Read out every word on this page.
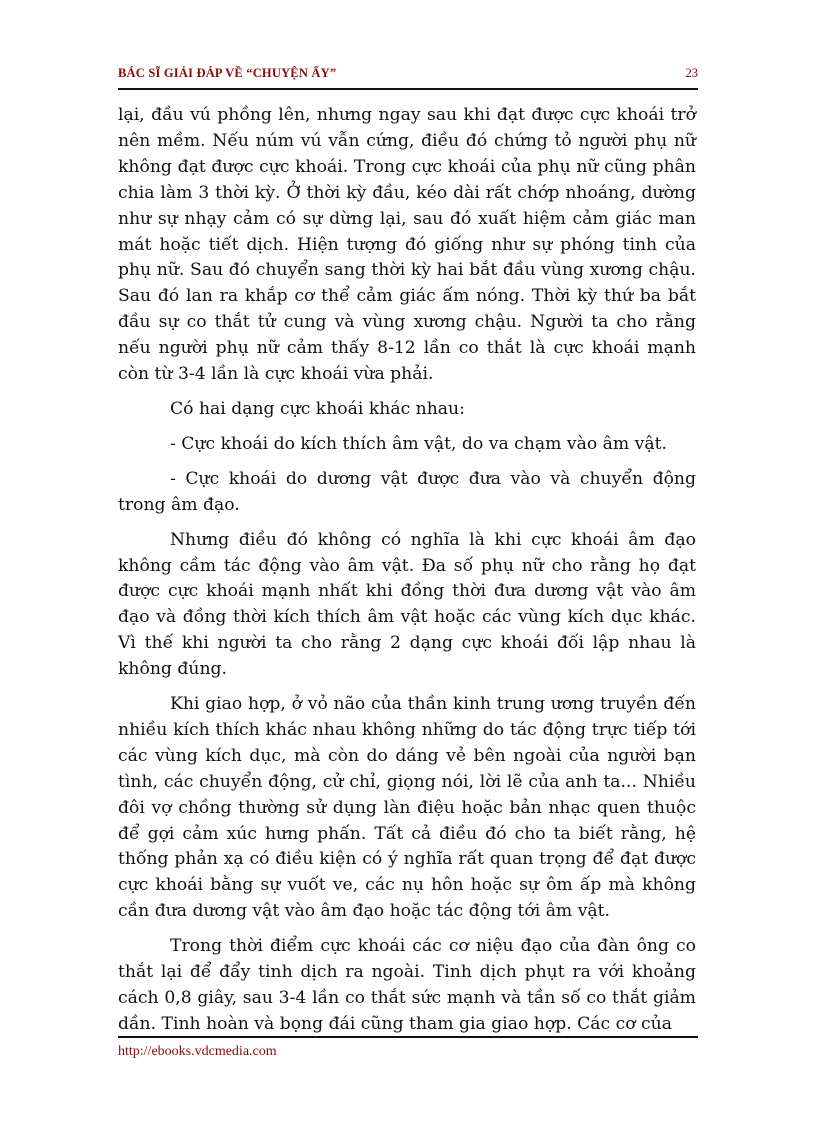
BÁC SĨ GIẢI ĐÁP VỀ “CHUYỆN ẤY”	23

lại, đầu vú phồng lên, nhưng ngay sau khi đạt được cực khoái trở nên mềm. Nếu núm vú vẫn cứng, điều đó chứng tỏ người phụ nữ không đạt được cực khoái. Trong cực khoái của phụ nữ cũng phân chia làm 3 thời kỳ. Ở thời kỳ đầu, kéo dài rất chớp nhoáng, dường như sự nhạy cảm có sự dừng lại, sau đó xuất hiệm cảm giác man mát hoặc tiết dịch. Hiện tượng đó giống như sự phóng tinh của phụ nữ. Sau đó chuyển sang thời kỳ hai bắt đầu vùng xương chậu. Sau đó lan ra khắp cơ thể cảm giác ấm nóng. Thời kỳ thứ ba bắt đầu sự co thắt tử cung và vùng xương chậu. Người ta cho rằng nếu người phụ nữ cảm thấy 8-12 lần co thắt là cực khoái mạnh còn từ 3-4 lần là cực khoái vừa phải.

Có hai dạng cực khoái khác nhau:

- Cực khoái do kích thích âm vật, do va chạm vào âm vật.

- Cực khoái do dương vật được đưa vào và chuyển động trong âm đạo.

Nhưng điều đó không có nghĩa là khi cực khoái âm đạo không cầm tác động vào âm vật. Đa số phụ nữ cho rằng họ đạt được cực khoái mạnh nhất khi đồng thời đưa dương vật vào âm đạo và đồng thời kích thích âm vật hoặc các vùng kích dục khác. Vì thế khi người ta cho rằng 2 dạng cực khoái đối lập nhau là không đúng.

Khi giao hợp, ở vỏ não của thần kinh trung ương truyền đến nhiều kích thích khác nhau không những do tác động trực tiếp tới các vùng kích dục, mà còn do dáng vẻ bên ngoài của người bạn tình, các chuyển động, cử chỉ, giọng nói, lời lẽ của anh ta... Nhiều đôi vợ chồng thường sử dụng làn điệu hoặc bản nhạc quen thuộc để gợi cảm xúc hưng phấn. Tất cả điều đó cho ta biết rằng, hệ thống phản xạ có điều kiện có ý nghĩa rất quan trọng để đạt được cực khoái bằng sự vuốt ve, các nụ hôn hoặc sự ôm ấp mà không cần đưa dương vật vào âm đạo hoặc tác động tới âm vật.

Trong thời điểm cực khoái các cơ niệu đạo của đàn ông co thắt lại để đẩy tinh dịch ra ngoài. Tinh dịch phụt ra với khoảng cách 0,8 giây, sau 3-4 lần co thắt sức mạnh và tần số co thắt giảm dần. Tinh hoàn và bọng đái cũng tham gia giao hợp. Các cơ của

http://ebooks.vdcmedia.com
